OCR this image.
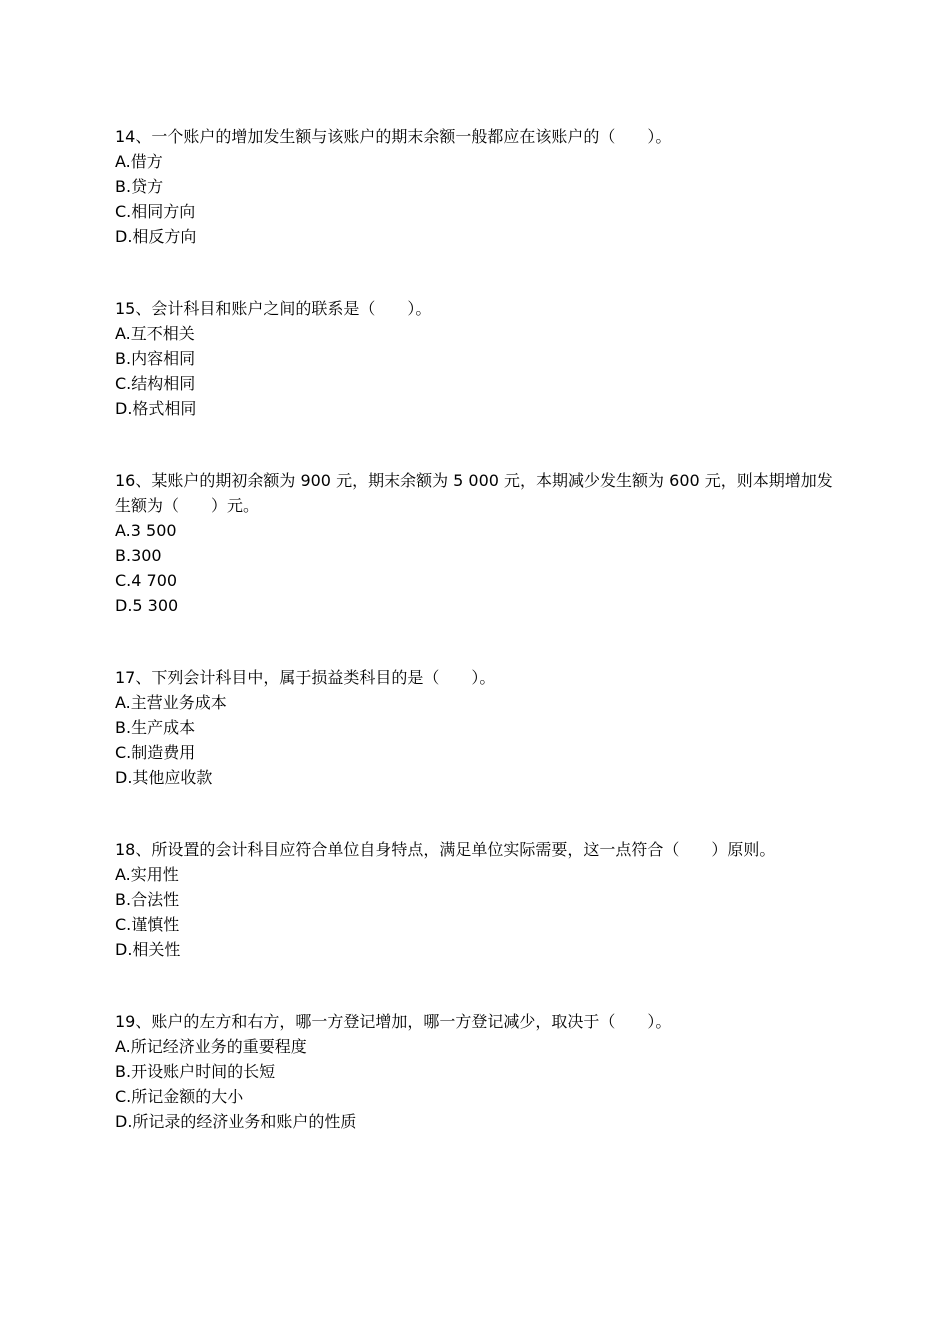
14、一个账户的增加发生额与该账户的期末余额一般都应在该账户的（　　）。
A.借方
B.贷方
C.相同方向
D.相反方向
15、会计科目和账户之间的联系是（　　）。
A.互不相关
B.内容相同
C.结构相同
D.格式相同
16、某账户的期初余额为 900 元，期末余额为 5 000 元，本期减少发生额为 600 元，则本期增加发生额为（　　）元。
A.3 500
B.300
C.4 700
D.5 300
17、下列会计科目中，属于损益类科目的是（　　）。
A.主营业务成本
B.生产成本
C.制造费用
D.其他应收款
18、所设置的会计科目应符合单位自身特点，满足单位实际需要，这一点符合（　　）原则。
A.实用性
B.合法性
C.谨慎性
D.相关性
19、账户的左方和右方，哪一方登记增加，哪一方登记减少，取决于（　　）。
A.所记经济业务的重要程度
B.开设账户时间的长短
C.所记金额的大小
D.所记录的经济业务和账户的性质
